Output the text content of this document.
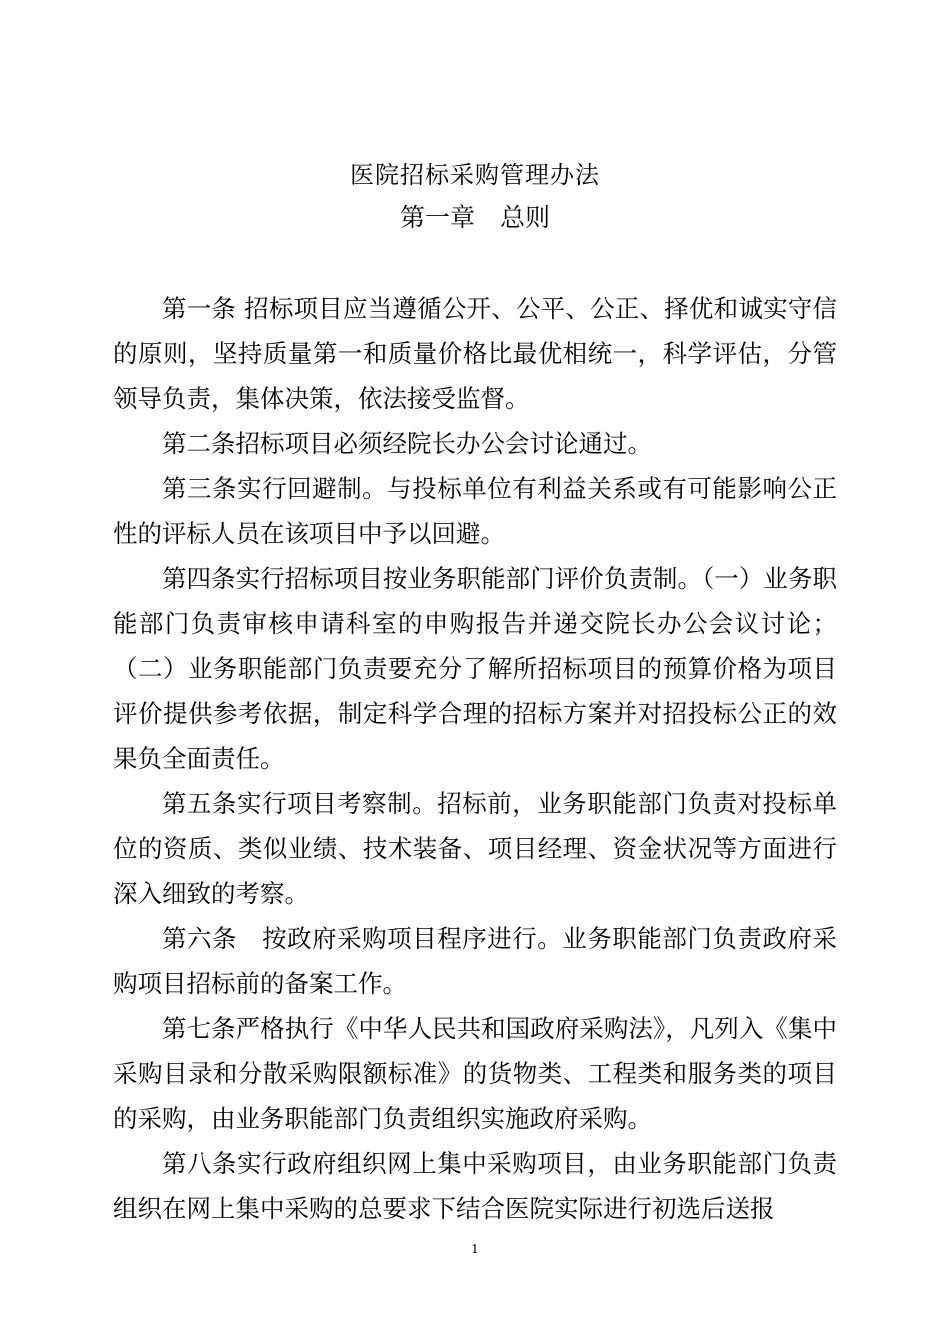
医院招标采购管理办法
第一章　总则

第一条 招标项目应当遵循公开、公平、公正、择优和诚实守信的原则，坚持质量第一和质量价格比最优相统一，科学评估，分管领导负责，集体决策，依法接受监督。

第二条招标项目必须经院长办公会讨论通过。

第三条实行回避制。与投标单位有利益关系或有可能影响公正性的评标人员在该项目中予以回避。

第四条实行招标项目按业务职能部门评价负责制。（一）业务职能部门负责审核申请科室的申购报告并递交院长办公会议讨论；（二）业务职能部门负责要充分了解所招标项目的预算价格为项目评价提供参考依据，制定科学合理的招标方案并对招投标公正的效果负全面责任。

第五条实行项目考察制。招标前，业务职能部门负责对投标单位的资质、类似业绩、技术装备、项目经理、资金状况等方面进行深入细致的考察。

第六条　按政府采购项目程序进行。业务职能部门负责政府采购项目招标前的备案工作。

第七条严格执行《中华人民共和国政府采购法》，凡列入《集中采购目录和分散采购限额标准》的货物类、工程类和服务类的项目的采购，由业务职能部门负责组织实施政府采购。

第八条实行政府组织网上集中采购项目，由业务职能部门负责组织在网上集中采购的总要求下结合医院实际进行初选后送报

1
